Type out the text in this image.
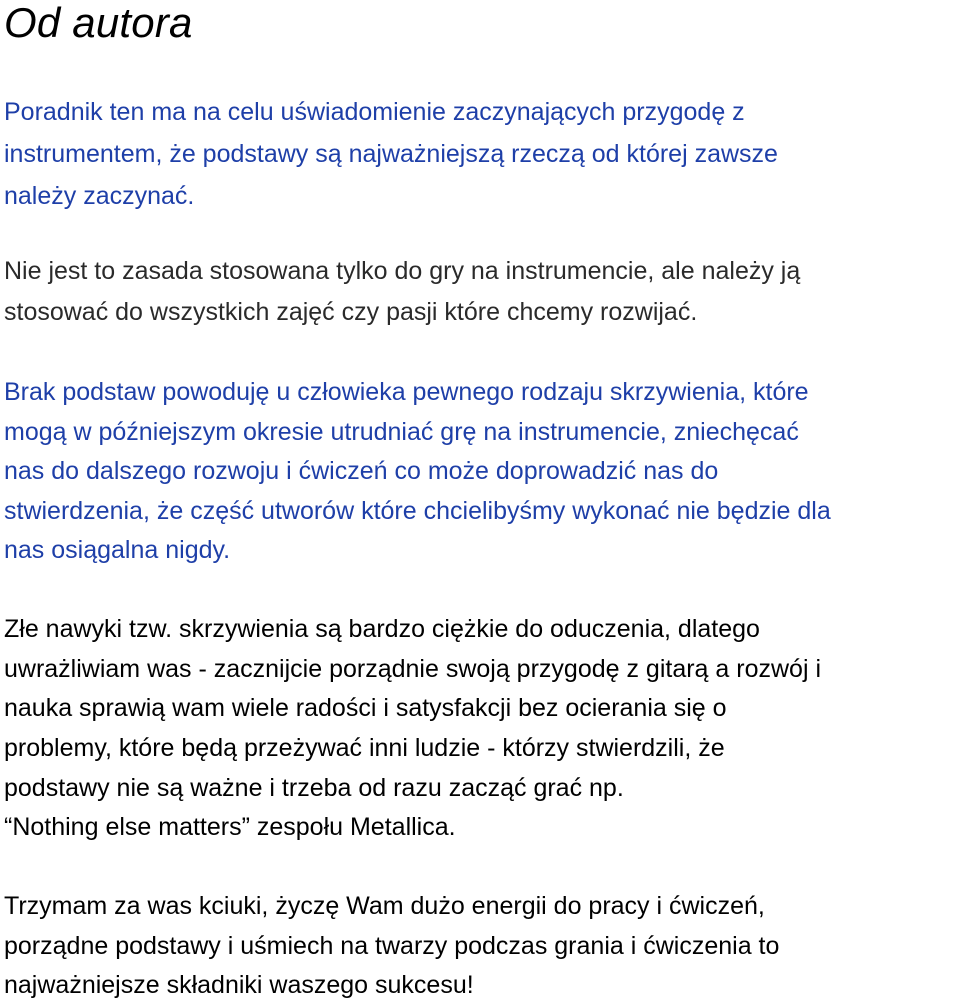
Od autora

Poradnik ten ma na celu uświadomienie zaczynających przygodę z

instrumentem, że podstawy są najważniejszą rzeczą od której zawsze

należy zaczynać.

Nie jest to zasada stosowana tylko do gry na instrumencie, ale należy ją

stosować do wszystkich zajęć czy pasji które chcemy rozwijać.

Brak podstaw powoduję u człowieka pewnego rodzaju skrzywienia, które

mogą w późniejszym okresie utrudniać grę na instrumencie, zniechęcać

nas do dalszego rozwoju i ćwiczeń co może doprowadzić nas do

stwierdzenia, że część utworów które chcielibyśmy wykonać nie będzie dla

nas osiągalna nigdy.

Złe nawyki tzw. skrzywienia są bardzo ciężkie do oduczenia, dlatego

uwrażliwiam was - zacznijcie porządnie swoją przygodę z gitarą a rozwój i

nauka sprawią wam wiele radości i satysfakcji bez ocierania się o

problemy, które będą przeżywać inni ludzie - którzy stwierdzili, że

podstawy nie są ważne i trzeba od razu zacząć grać np.

“Nothing else matters” zespołu Metallica.

Trzymam za was kciuki, życzę Wam dużo energii do pracy i ćwiczeń,

porządne podstawy i uśmiech na twarzy podczas grania i ćwiczenia to

najważniejsze składniki waszego sukcesu!
